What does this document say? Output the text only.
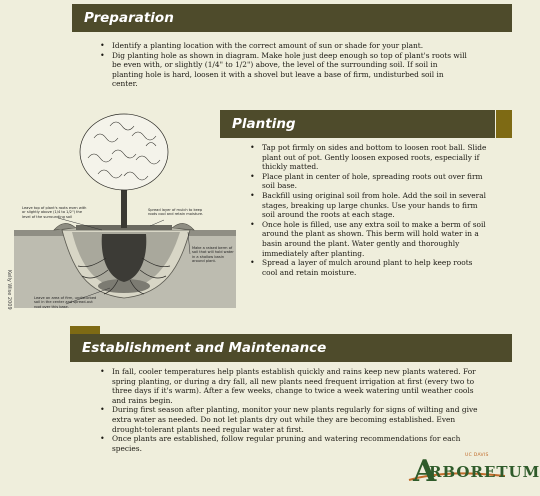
Preparation
• Identify a planting location with the correct amount of sun or shade for your plant.
• Dig planting hole as shown in diagram. Make hole just deep enough so top of plant's roots will be even with, or slightly (1/4" to 1/2") above, the level of the surrounding soil. If soil in planting hole is hard, loosen it with a shovel but leave a base of firm, undisturbed soil in center.
Planting
• Tap pot firmly on sides and bottom to loosen root ball. Slide plant out of pot. Gently loosen exposed roots, especially if thickly matted.
• Place plant in center of hole, spreading roots out over firm soil base.
• Backfill using original soil from hole. Add the soil in several stages, breaking up large chunks. Use your hands to firm soil around the roots at each stage.
• Once hole is filled, use any extra soil to make a berm of soil around the plant as shown. This berm will hold water in a basin around the plant. Water gently and thoroughly immediately after planting.
• Spread a layer of mulch around plant to help keep roots cool and retain moisture.
Leave top of plant's roots even with or slightly above (1/4 to 1/2") the level of the surrounding soil
Spread layer of mulch to keep roots cool and retain moisture.
Make a raised berm of soil that will hold water in a shallow basin around plant.
Leave an area of firm, undisturbed soil in the center and spread-out root over this base.
Kelly Wise 2009
Establishment and Maintenance
• In fall, cooler temperatures help plants establish quickly and rains keep new plants watered. For spring planting, or during a dry fall, all new plants need frequent irrigation at first (every two to three days if it's warm). After a few weeks, change to twice a week watering until weather cools and rains begin.
• During first season after planting, monitor your new plants regularly for signs of wilting and give extra water as needed. Do not let plants dry out while they are becoming established. Even drought-tolerant plants need regular water at first.
• Once plants are established, follow regular pruning and watering recommendations for each species.
UC DAVIS
A
RBORETUM
